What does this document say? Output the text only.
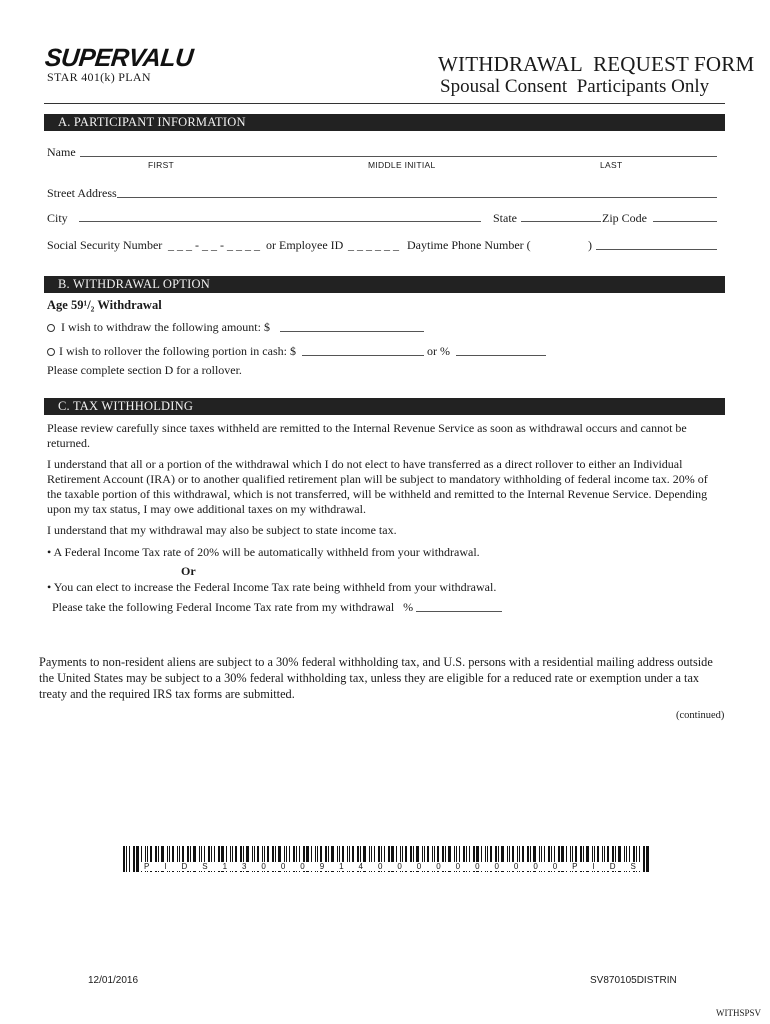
SUPERVALU
STAR 401(k) PLAN
WITHDRAWAL  REQUEST FORM
Spousal Consent  Participants Only
A. PARTICIPANT INFORMATION
Name
FIRST	MIDDLE INITIAL	LAST
Street Address
City	State	Zip Code
Social Security Number _ _ _ - _ _ - _ _ _ _ or Employee ID _ _ _ _ _ _ Daytime Phone Number (	)
B. WITHDRAWAL OPTION
Age 59¹/₂ Withdrawal
I wish to withdraw the following amount: $
I wish to rollover the following portion in cash: $	or %
Please complete section D for a rollover.
C. TAX WITHHOLDING
Please review carefully since taxes withheld are remitted to the Internal Revenue Service as soon as withdrawal occurs and cannot be returned.
I understand that all or a portion of the withdrawal which I do not elect to have transferred as a direct rollover to either an Individual Retirement Account (IRA) or to another qualified retirement plan will be subject to mandatory withholding of federal income tax. 20% of the taxable portion of this withdrawal, which is not transferred, will be withheld and remitted to the Internal Revenue Service. Depending upon my tax status, I may owe additional taxes on my withdrawal.
I understand that my withdrawal may also be subject to state income tax.
• A Federal Income Tax rate of 20% will be automatically withheld from your withdrawal.
Or
• You can elect to increase the Federal Income Tax rate being withheld from your withdrawal.
Please take the following Federal Income Tax rate from my withdrawal   %
Payments to non-resident aliens are subject to a 30% federal withholding tax, and U.S. persons with a residential mailing address outside the United States may be subject to a 30% federal withholding tax, unless they are eligible for a reduced rate or exemption under a tax treaty and the required IRS tax forms are submitted.
(continued)
P I D S 1 3 0 0 0 9 1 4 0 0 0 0 0 0 0 0 0 0 P I D S
12/01/2016	SV870105DISTRIN
WITHSPSV
